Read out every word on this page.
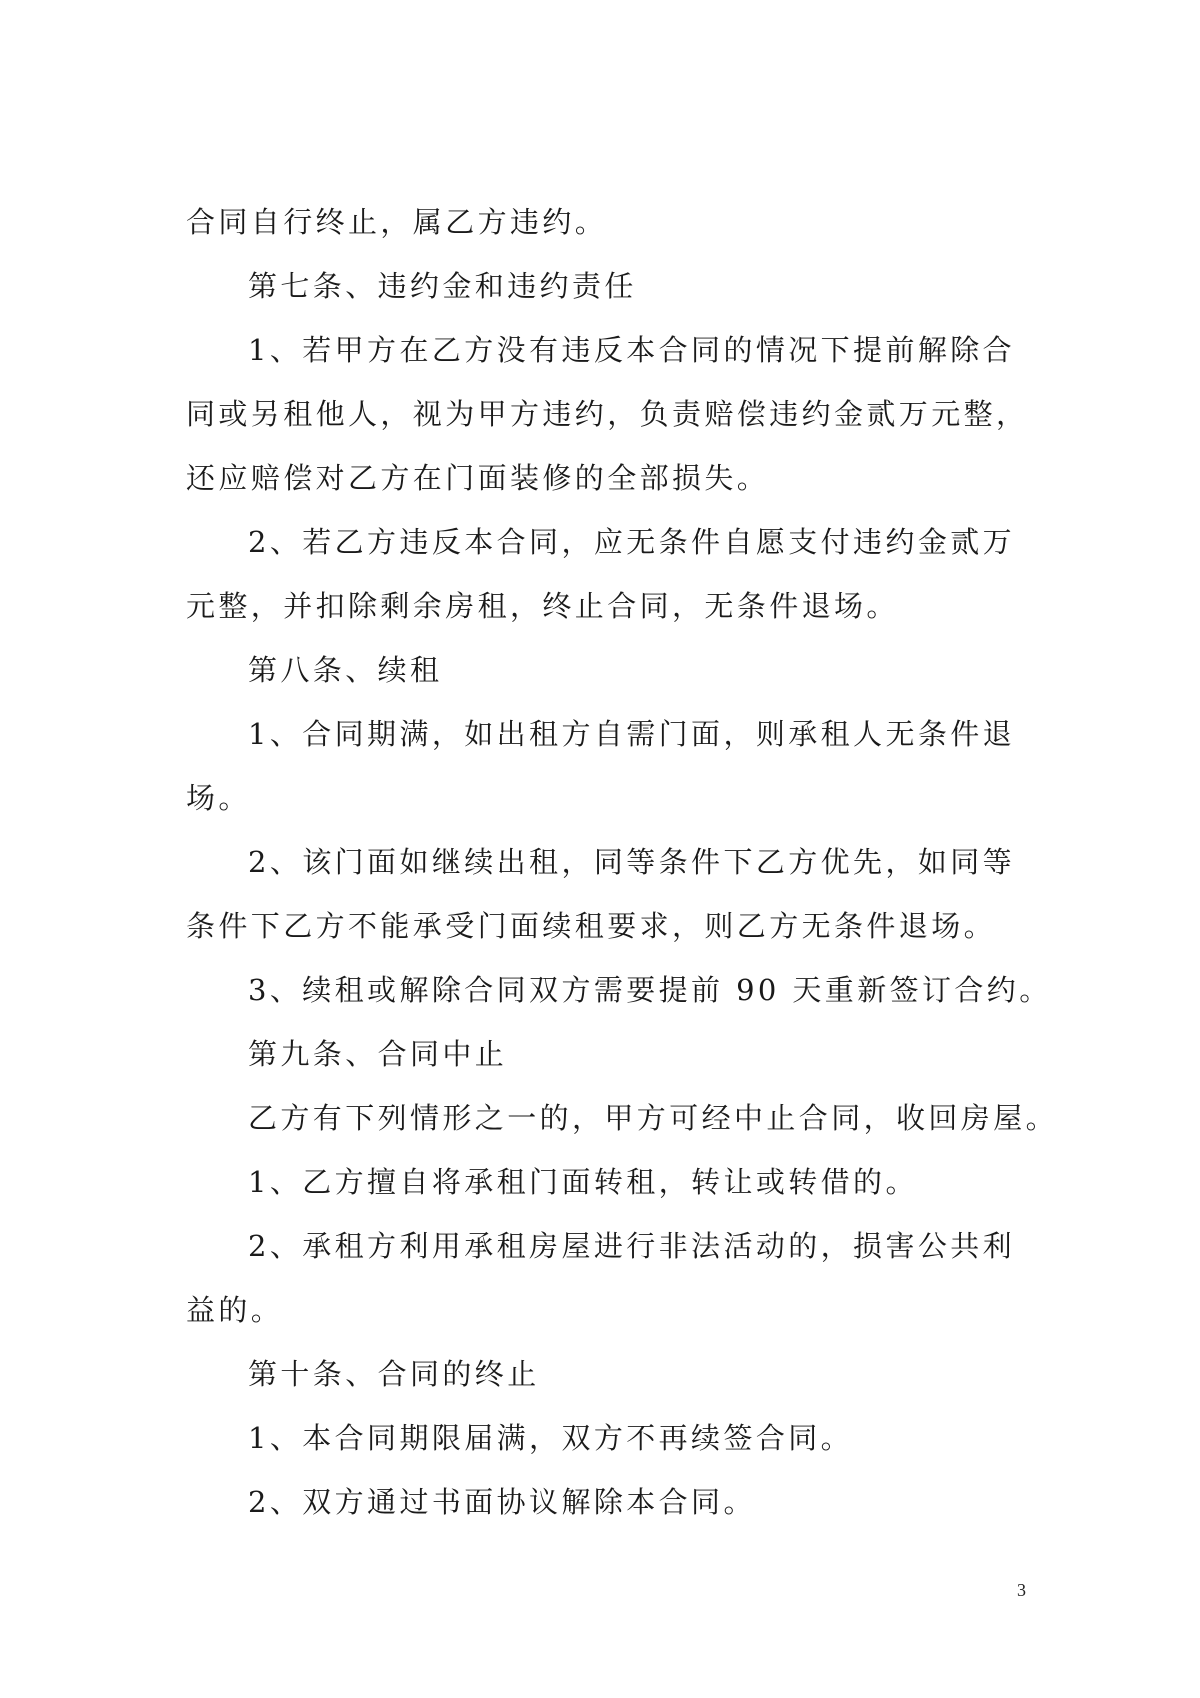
合同自行终止，属乙方违约。
第七条、违约金和违约责任
1、若甲方在乙方没有违反本合同的情况下提前解除合
同或另租他人，视为甲方违约，负责赔偿违约金贰万元整，
还应赔偿对乙方在门面装修的全部损失。
2、若乙方违反本合同，应无条件自愿支付违约金贰万
元整，并扣除剩余房租，终止合同，无条件退场。
第八条、续租
1、合同期满，如出租方自需门面，则承租人无条件退
场。
2、该门面如继续出租，同等条件下乙方优先，如同等
条件下乙方不能承受门面续租要求，则乙方无条件退场。
3、续租或解除合同双方需要提前 90 天重新签订合约。
第九条、合同中止
乙方有下列情形之一的，甲方可经中止合同，收回房屋。
1、乙方擅自将承租门面转租，转让或转借的。
2、承租方利用承租房屋进行非法活动的，损害公共利
益的。
第十条、合同的终止
1、本合同期限届满，双方不再续签合同。
2、双方通过书面协议解除本合同。
3
